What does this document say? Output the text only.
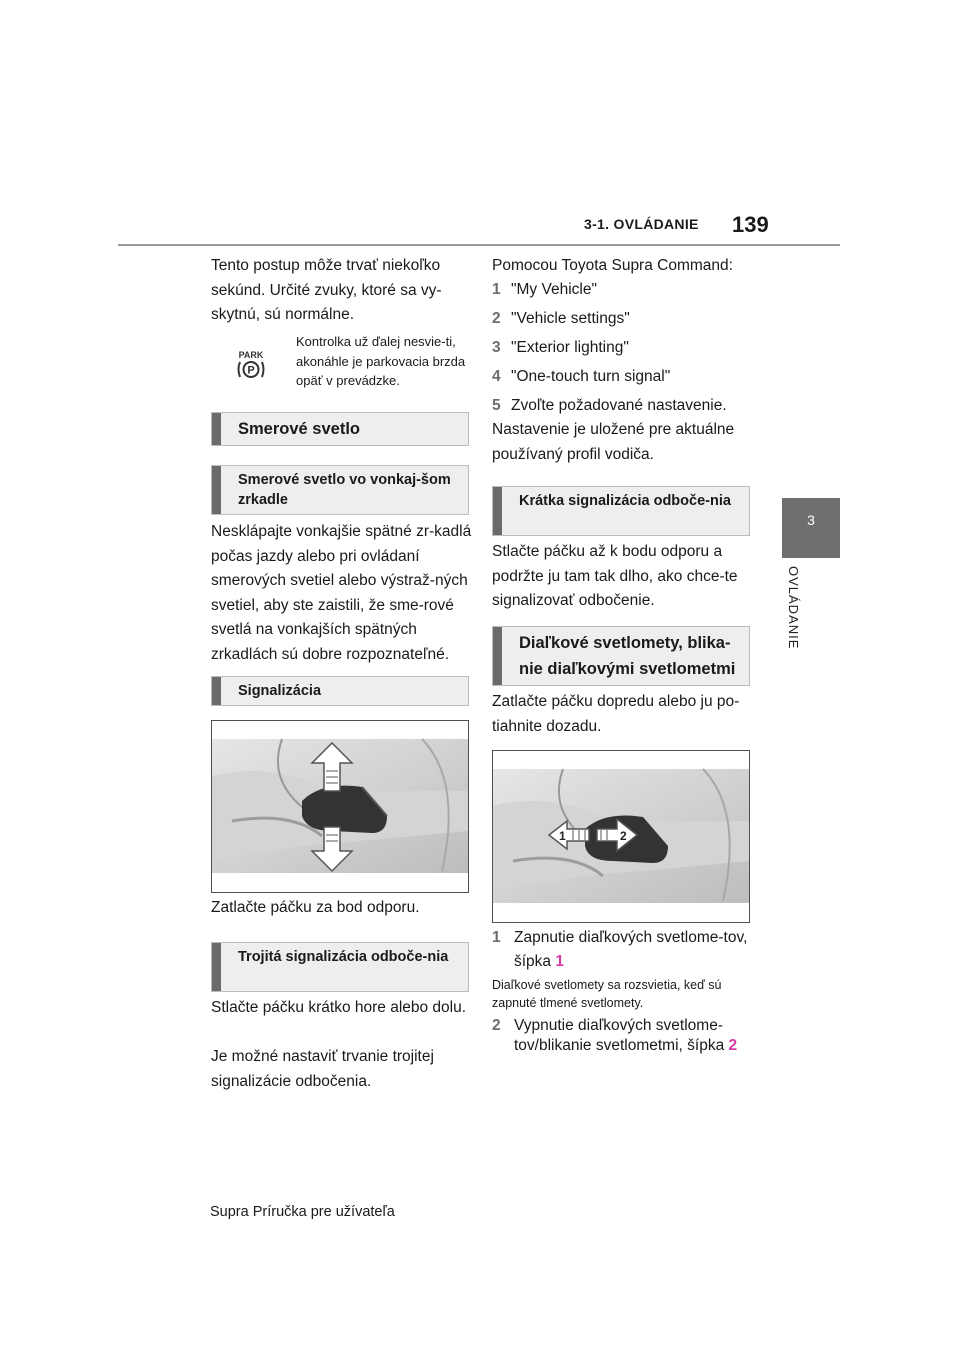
3-1. OVLÁDANIE 139
3
OVLÁDANIE

Tento postup môže trvať niekoľko sekúnd. Určité zvuky, ktoré sa vy-skytnú, sú normálne.

PARK
P

Kontrolka už ďalej nesvie-ti, akonáhle je parkovacia brzda opäť v prevádzke.

Smerové svetlo
Smerové svetlo vo vonkaj-šom zrkadle

Nesklápajte vonkajšie spätné zr-kadlá počas jazdy alebo pri ovládaní smerových svetiel alebo výstraž-ných svetiel, aby ste zaistili, že sme-rové svetlá na vonkajších spätných zrkadlách sú dobre rozpoznateľné.

Signalizácia

Zatlačte páčku za bod odporu.

Trojitá signalizácia odboče-nia

Stlačte páčku krátko hore alebo dolu.

Je možné nastaviť trvanie trojitej signalizácie odbočenia.

Pomocou Toyota Supra Command:

1 "My Vehicle"
2 "Vehicle settings"
3 "Exterior lighting"
4 "One-touch turn signal"
5 Zvoľte požadované nastavenie.

Nastavenie je uložené pre aktuálne používaný profil vodiča.

Krátka signalizácia odboče-nia

Stlačte páčku až k bodu odporu a podržte ju tam tak dlho, ako chce-te signalizovať odbočenie.

Diaľkové svetlomety, blika-nie diaľkovými svetlometmi

Zatlačte páčku dopredu alebo ju po-tiahnite dozadu.

1	2
1 Zapnutie diaľkových svetlome-tov, šípka 1

Diaľkové svetlomety sa rozsvietia, keď sú zapnuté tlmené svetlomety.

2 Vypnutie diaľkových svetlome-tov/blikanie svetlometmi, šípka 2
Supra Príručka pre užívateľa
